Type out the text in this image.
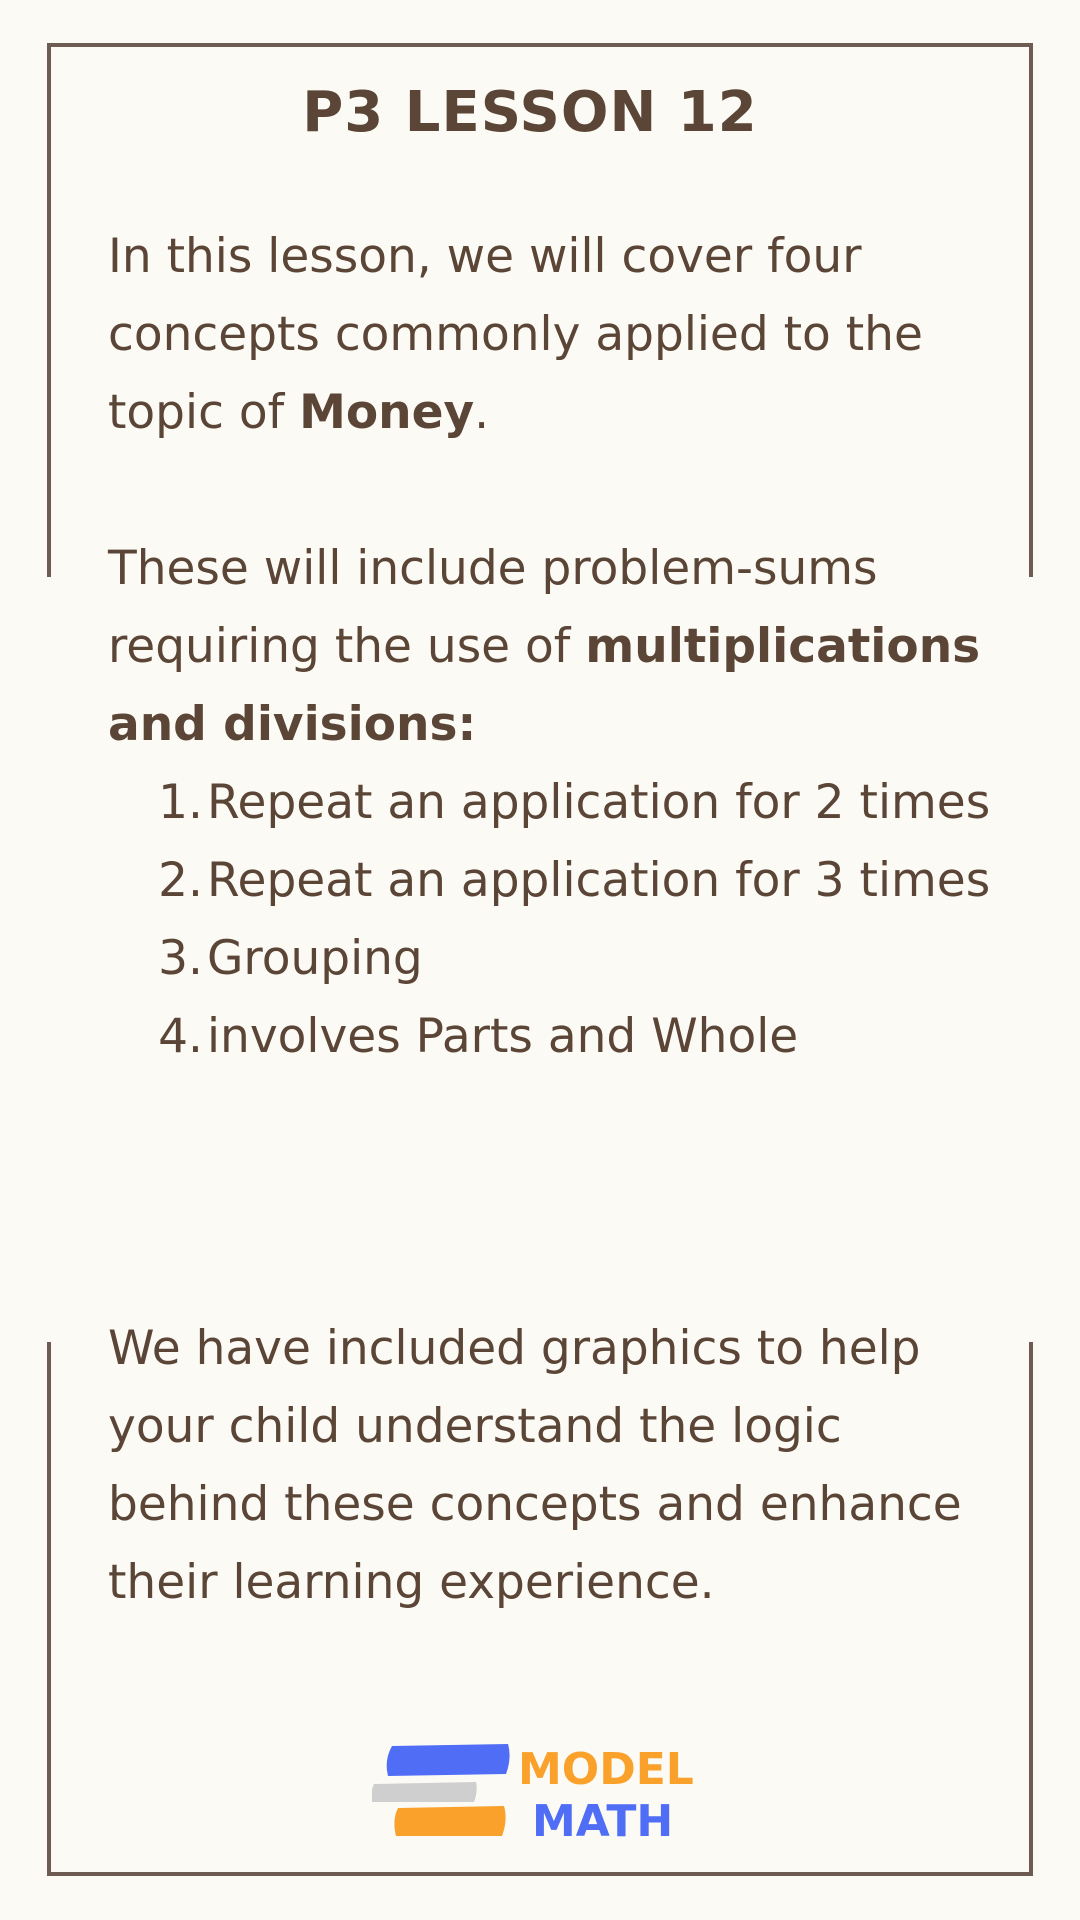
P3 LESSON 12

In this lesson, we will cover four concepts commonly applied to the topic of Money.

These will include problem-sums requiring the use of multiplications and divisions:

1. Repeat an application for 2 times
2. Repeat an application for 3 times
3. Grouping
4. involves Parts and Whole

We have included graphics to help your child understand the logic behind these concepts and enhance their learning experience.

MODEL
MATH
